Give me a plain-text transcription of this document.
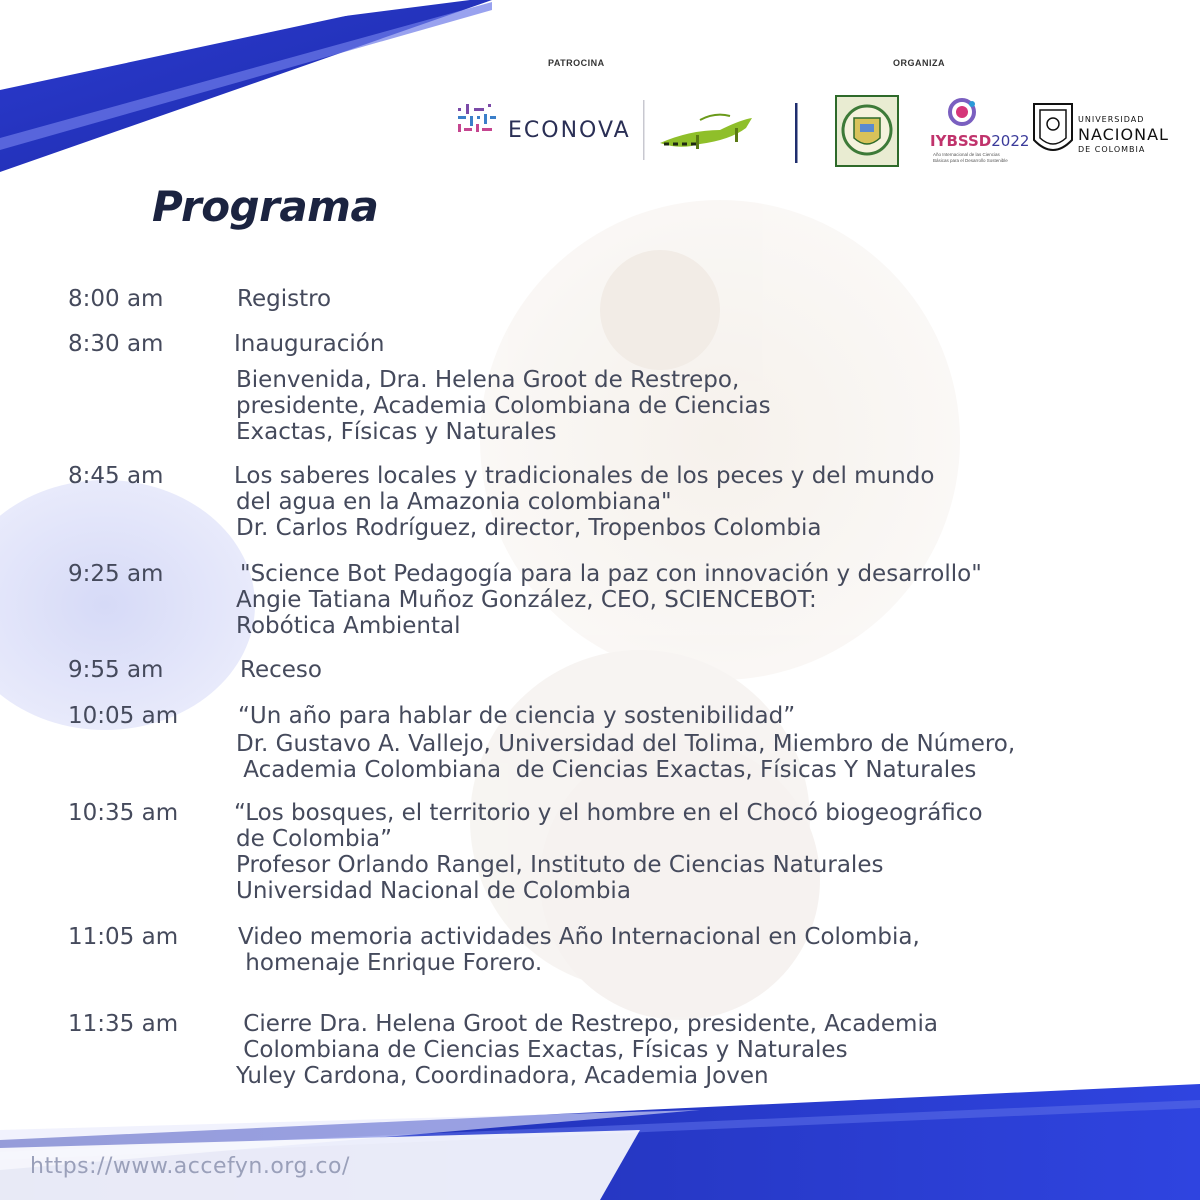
PATROCINA	ORGANIZA
ECONOVA	IYBSSD2022
Año Internacional de las Ciencias Básicas para el Desarrollo Sostenible
UNIVERSIDAD
NACIONAL
DE COLOMBIA
Programa
8:00 am	Registro
8:30 am	Inauguración
Bienvenida, Dra. Helena Groot de Restrepo,
presidente, Academia Colombiana de Ciencias
Exactas, Físicas y Naturales
8:45 am	Los saberes locales y tradicionales de los peces y del mundo
del agua en la Amazonia colombiana"
Dr. Carlos Rodríguez, director, Tropenbos Colombia
9:25 am	"Science Bot Pedagogía para la paz con innovación y desarrollo"
Angie Tatiana Muñoz González, CEO, SCIENCEBOT:
Robótica Ambiental
9:55 am	Receso
10:05 am	“Un año para hablar de ciencia y sostenibilidad”
Dr. Gustavo A. Vallejo, Universidad del Tolima, Miembro de Número,
Academia Colombiana  de Ciencias Exactas, Físicas Y Naturales
10:35 am “Los bosques, el territorio y el hombre en el Chocó biogeográfico
de Colombia”
Profesor Orlando Rangel, Instituto de Ciencias Naturales
Universidad Nacional de Colombia
11:05 am	Video memoria actividades Año Internacional en Colombia,
homenaje Enrique Forero.
11:35 am	Cierre Dra. Helena Groot de Restrepo, presidente, Academia
Colombiana de Ciencias Exactas, Físicas y Naturales
Yuley Cardona, Coordinadora, Academia Joven
https://www.accefyn.org.co/
